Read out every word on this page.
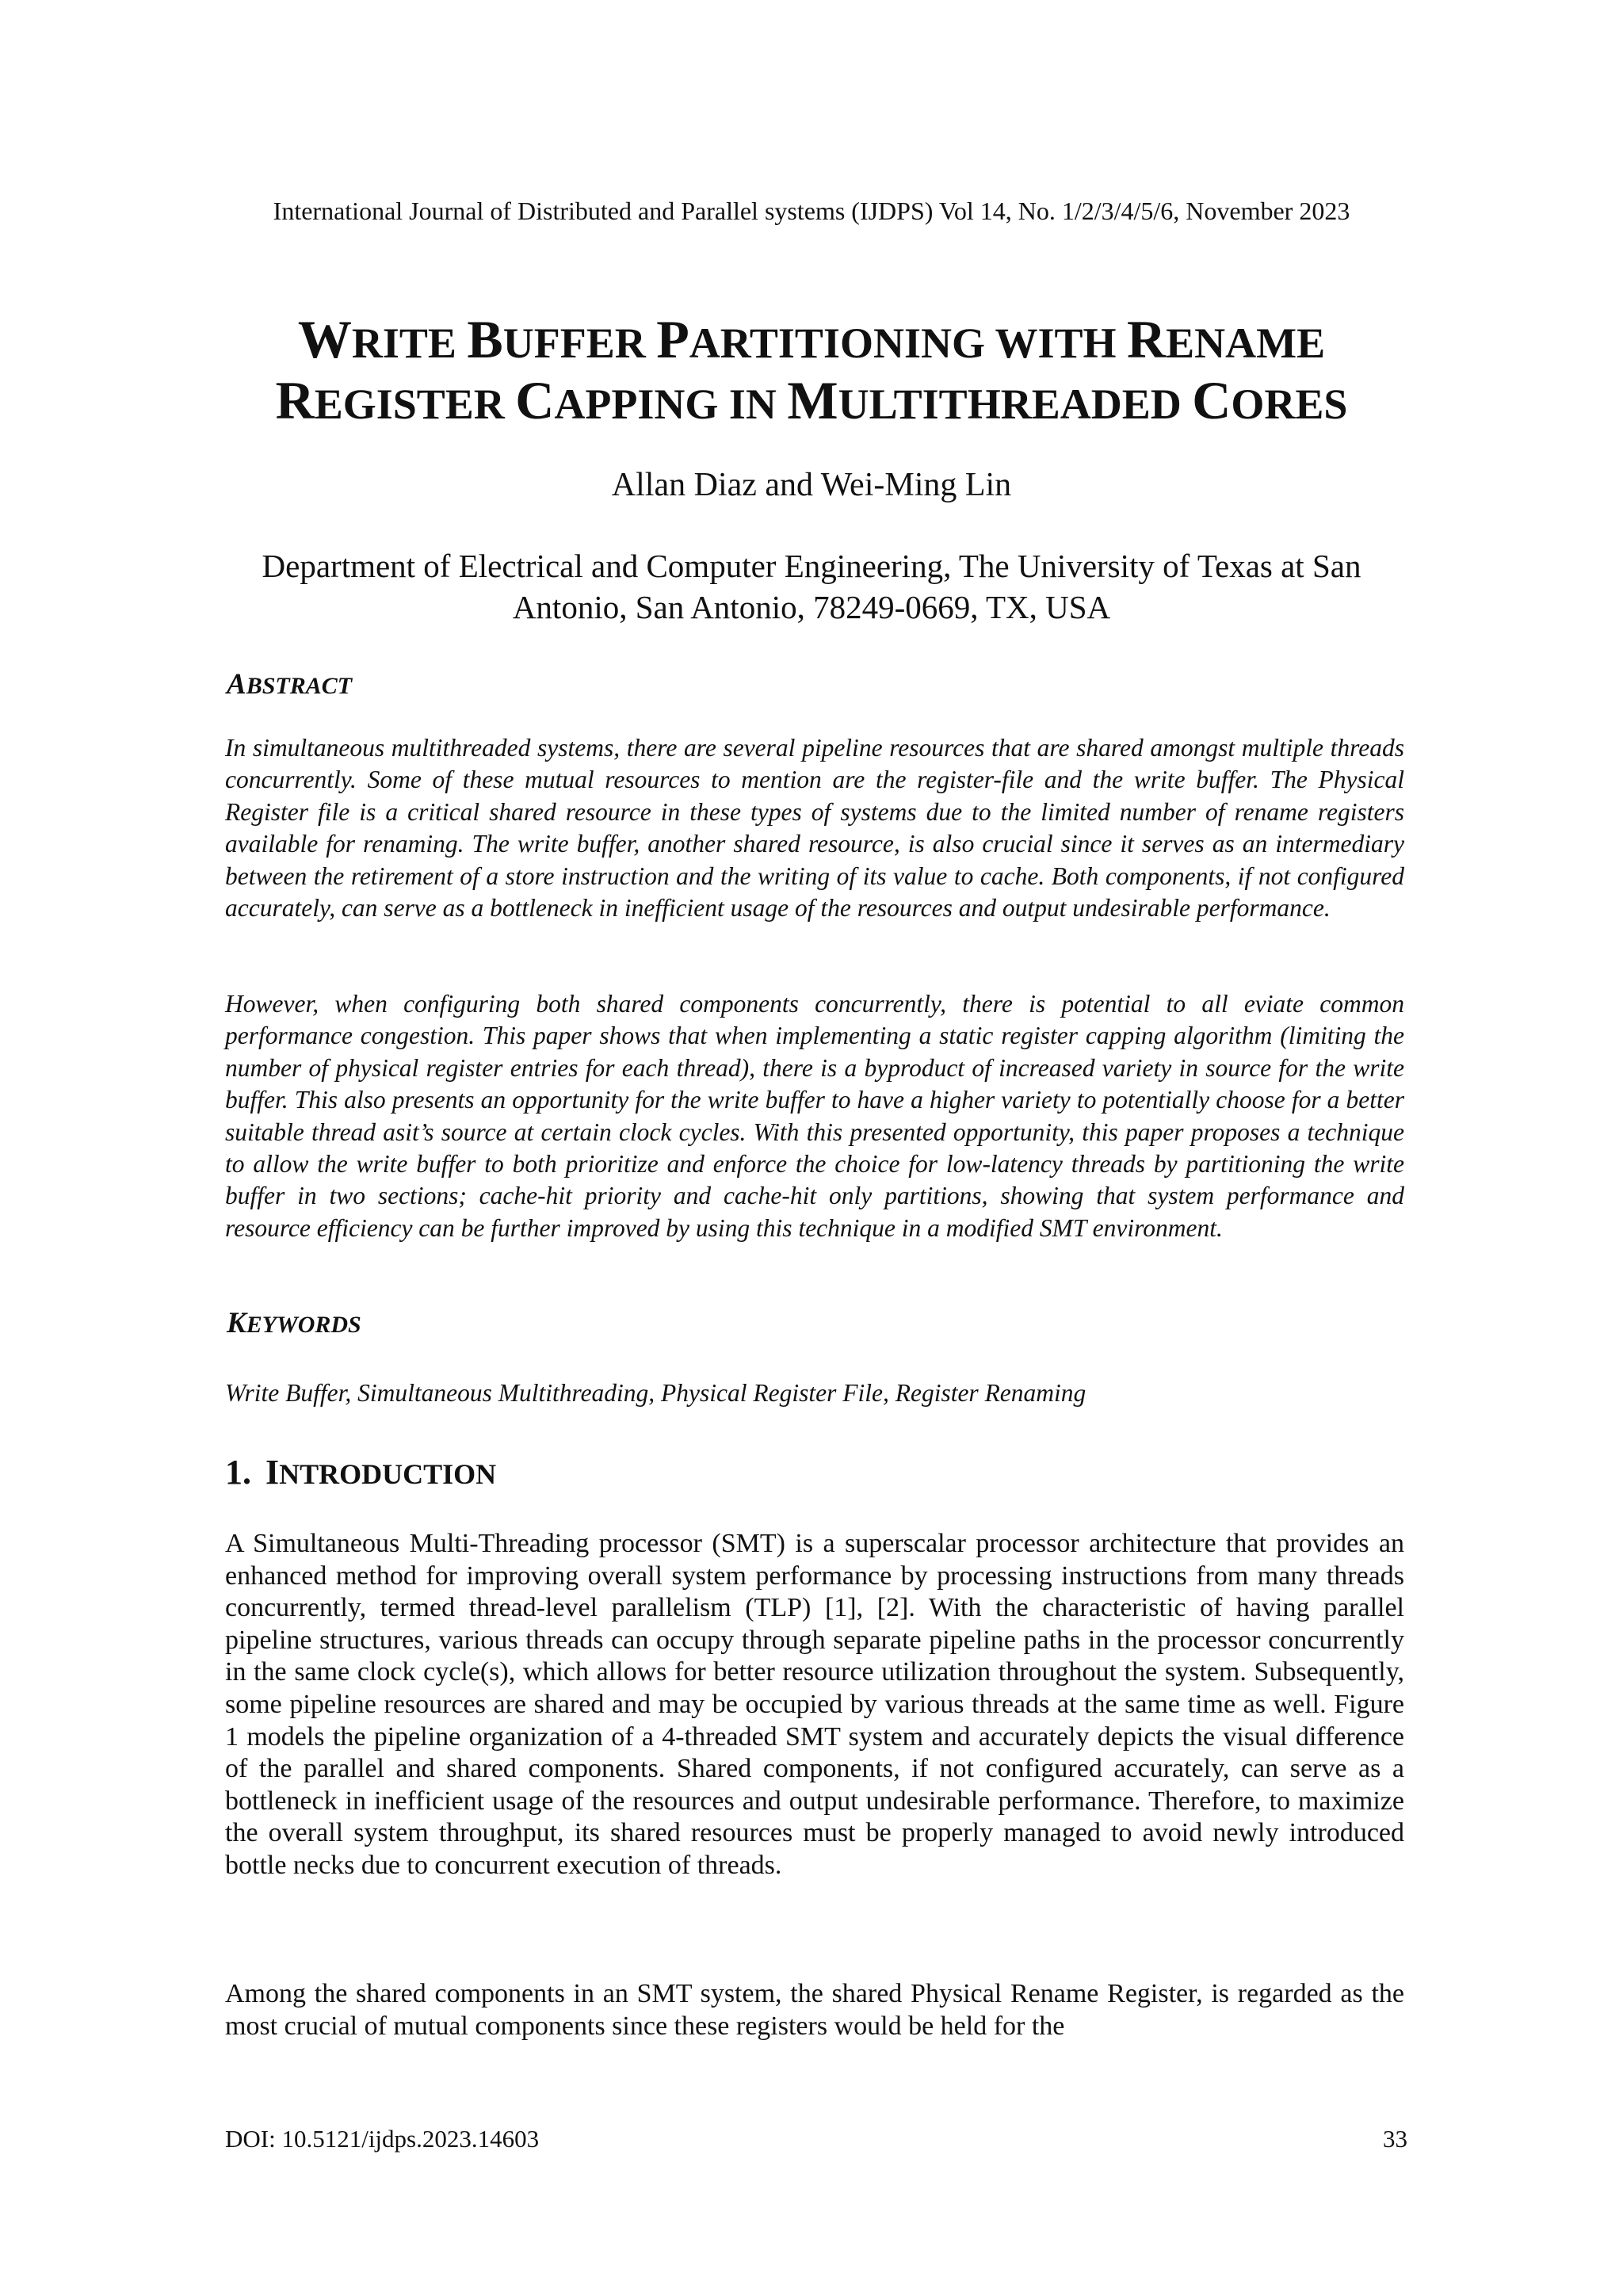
International Journal of Distributed and Parallel systems (IJDPS) Vol 14, No. 1/2/3/4/5/6, November 2023
WRITE BUFFER PARTITIONING WITH RENAME
REGISTER CAPPING IN MULTITHREADED CORES
Allan Diaz and Wei-Ming Lin
Department of Electrical and Computer Engineering, The University of Texas at San
Antonio, San Antonio, 78249-0669, TX, USA
ABSTRACT
In simultaneous multithreaded systems, there are several pipeline resources that are shared amongst multiple threads concurrently. Some of these mutual resources to mention are the register-file and the write buffer. The Physical Register file is a critical shared resource in these types of systems due to the limited number of rename registers available for renaming. The write buffer, another shared resource, is also crucial since it serves as an intermediary between the retirement of a store instruction and the writing of its value to cache. Both components, if not configured accurately, can serve as a bottleneck in inefficient usage of the resources and output undesirable performance.
However, when configuring both shared components concurrently, there is potential to all eviate common performance congestion. This paper shows that when implementing a static register capping algorithm (limiting the number of physical register entries for each thread), there is a byproduct of increased variety in source for the write buffer. This also presents an opportunity for the write buffer to have a higher variety to potentially choose for a better suitable thread asit’s source at certain clock cycles. With this presented opportunity, this paper proposes a technique to allow the write buffer to both prioritize and enforce the choice for low-latency threads by partitioning the write buffer in two sections; cache-hit priority and cache-hit only partitions, showing that system performance and resource efficiency can be further improved by using this technique in a modified SMT environment.
KEYWORDS
Write Buffer, Simultaneous Multithreading, Physical Register File, Register Renaming
1. INTRODUCTION
A Simultaneous Multi-Threading processor (SMT) is a superscalar processor architecture that provides an enhanced method for improving overall system performance by processing instructions from many threads concurrently, termed thread-level parallelism (TLP) [1], [2]. With the characteristic of having parallel pipeline structures, various threads can occupy through separate pipeline paths in the processor concurrently in the same clock cycle(s), which allows for better resource utilization throughout the system. Subsequently, some pipeline resources are shared and may be occupied by various threads at the same time as well. Figure 1 models the pipeline organization of a 4-threaded SMT system and accurately depicts the visual difference of the parallel and shared components. Shared components, if not configured accurately, can serve as a bottleneck in inefficient usage of the resources and output undesirable performance. Therefore, to maximize the overall system throughput, its shared resources must be properly managed to avoid newly introduced bottle necks due to concurrent execution of threads.
Among the shared components in an SMT system, the shared Physical Rename Register, is regarded as the most crucial of mutual components since these registers would be held for the
DOI: 10.5121/ijdps.2023.14603	33
